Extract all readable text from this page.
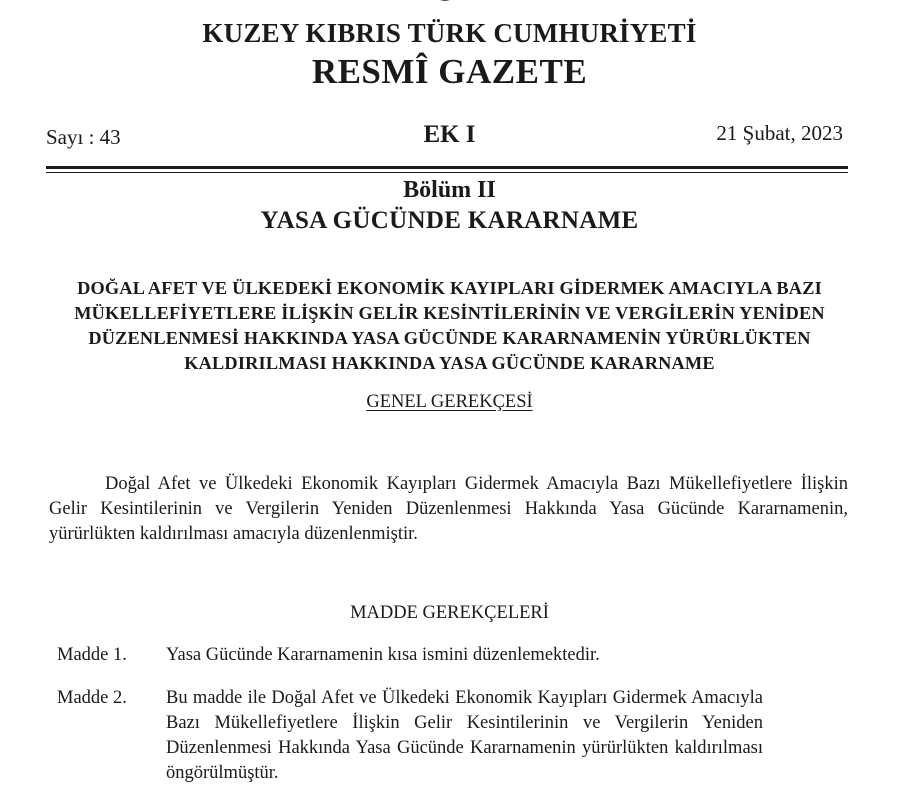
KUZEY KIBRIS TÜRK CUMHURİYETİ
RESMÎ GAZETE
Sayı : 43	EK I	21 Şubat, 2023
Bölüm II
YASA GÜCÜNDE KARARNAME
DOĞAL AFET VE ÜLKEDEKİ EKONOMİK KAYIPLARI GİDERMEK AMACIYLA BAZI MÜKELLEFİYETLERE İLİŞKİN GELİR KESİNTİLERİNİN VE VERGİLERİN YENİDEN DÜZENLENMESİ HAKKINDA YASA GÜCÜNDE KARARNAMENİN YÜRÜRLÜKTEN KALDIRILMASI HAKKINDA YASA GÜCÜNDE KARARNAME
GENEL GEREKÇESİ
Doğal Afet ve Ülkedeki Ekonomik Kayıpları Gidermek Amacıyla Bazı Mükellefiyetlere İlişkin Gelir Kesintilerinin ve Vergilerin Yeniden Düzenlenmesi Hakkında Yasa Gücünde Kararnamenin, yürürlükten kaldırılması amacıyla düzenlenmiştir.
MADDE GEREKÇELERİ
Madde 1.	Yasa Gücünde Kararnamenin kısa ismini düzenlemektedir.
Madde 2.	Bu madde ile Doğal Afet ve Ülkedeki Ekonomik Kayıpları Gidermek Amacıyla Bazı Mükellefiyetlere İlişkin Gelir Kesintilerinin ve Vergilerin Yeniden Düzenlenmesi Hakkında Yasa Gücünde Kararnamenin yürürlükten kaldırılması öngörülmüştür.
